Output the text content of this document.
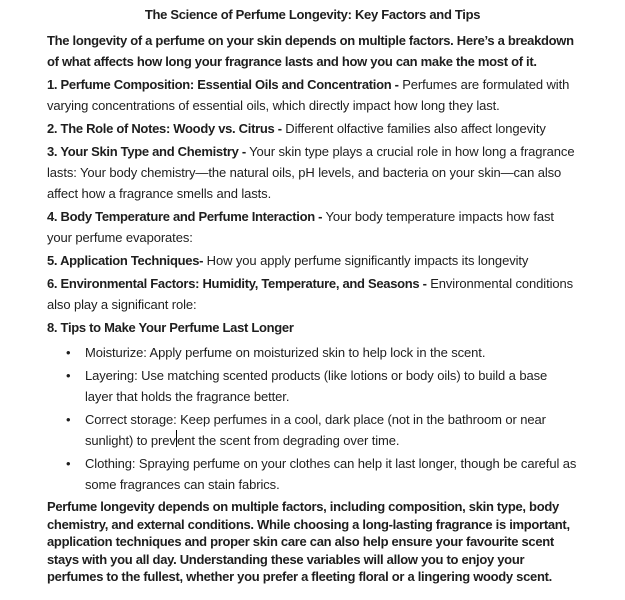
The Science of Perfume Longevity: Key Factors and Tips

The longevity of a perfume on your skin depends on multiple factors. Here’s a breakdown of what affects how long your fragrance lasts and how you can make the most of it.

1. Perfume Composition: Essential Oils and Concentration - Perfumes are formulated with varying concentrations of essential oils, which directly impact how long they last.

2. The Role of Notes: Woody vs. Citrus - Different olfactive families also affect longevity

3. Your Skin Type and Chemistry - Your skin type plays a crucial role in how long a fragrance lasts: Your body chemistry—the natural oils, pH levels, and bacteria on your skin—can also affect how a fragrance smells and lasts.

4. Body Temperature and Perfume Interaction - Your body temperature impacts how fast your perfume evaporates:

5. Application Techniques- How you apply perfume significantly impacts its longevity

6. Environmental Factors: Humidity, Temperature, and Seasons - Environmental conditions also play a significant role:

8. Tips to Make Your Perfume Last Longer

• Moisturize: Apply perfume on moisturized skin to help lock in the scent.
• Layering: Use matching scented products (like lotions or body oils) to build a base layer that holds the fragrance better.
• Correct storage: Keep perfumes in a cool, dark place (not in the bathroom or near sunlight) to prevent the scent from degrading over time.
• Clothing: Spraying perfume on your clothes can help it last longer, though be careful as some fragrances can stain fabrics.

Perfume longevity depends on multiple factors, including composition, skin type, body chemistry, and external conditions. While choosing a long-lasting fragrance is important, application techniques and proper skin care can also help ensure your favourite scent stays with you all day. Understanding these variables will allow you to enjoy your perfumes to the fullest, whether you prefer a fleeting floral or a lingering woody scent.
